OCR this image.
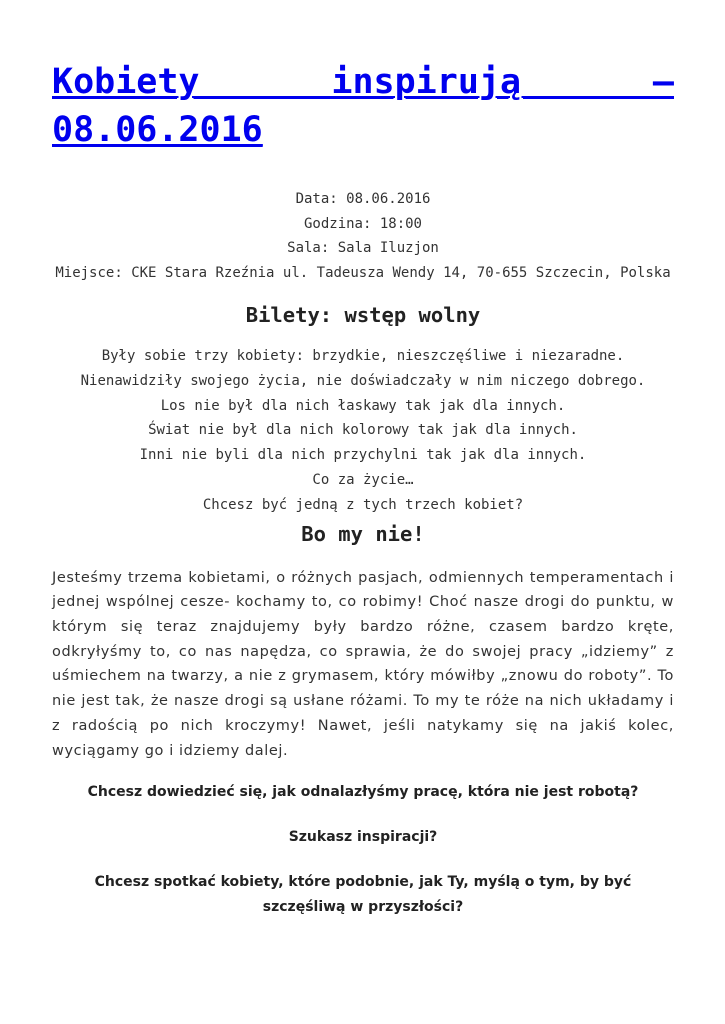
Kobiety inspirują – 08.06.2016
Data: 08.06.2016
Godzina: 18:00
Sala: Sala Iluzjon
Miejsce: CKE Stara Rzeźnia ul. Tadeusza Wendy 14, 70-655 Szczecin, Polska
Bilety: wstęp wolny
Były sobie trzy kobiety: brzydkie, nieszczęśliwe i niezaradne.
Nienawidziły swojego życia, nie doświadczały w nim niczego dobrego.
Los nie był dla nich łaskawy tak jak dla innych.
Świat nie był dla nich kolorowy tak jak dla innych.
Inni nie byli dla nich przychylni tak jak dla innych.
Co za życie…
Chcesz być jedną z tych trzech kobiet?
Bo my nie!

Jesteśmy trzema kobietami, o różnych pasjach, odmiennych temperamentach i jednej wspólnej cesze- kochamy to, co robimy! Choć nasze drogi do punktu, w którym się teraz znajdujemy były bardzo różne, czasem bardzo kręte, odkryłyśmy to, co nas napędza, co sprawia, że do swojej pracy „idziemy” z uśmiechem na twarzy, a nie z grymasem, który mówiłby „znowu do roboty”. To nie jest tak, że nasze drogi są usłane różami. To my te róże na nich układamy i z radością po nich kroczymy! Nawet, jeśli natykamy się na jakiś kolec, wyciągamy go i idziemy dalej.

Chcesz dowiedzieć się, jak odnalazłyśmy pracę, która nie jest robotą?
Szukasz inspiracji?
Chcesz spotkać kobiety, które podobnie, jak Ty, myślą o tym, by być szczęśliwą w przyszłości?
